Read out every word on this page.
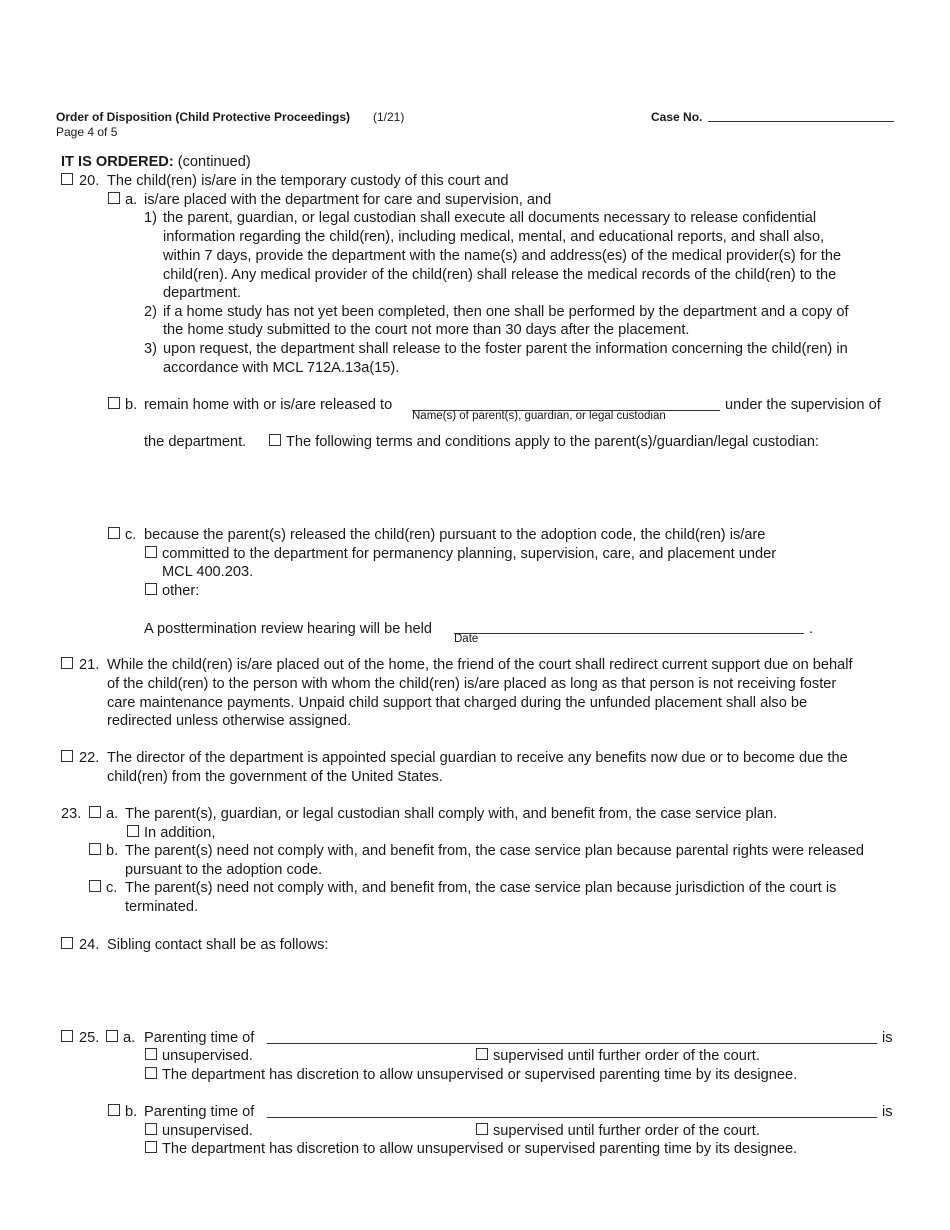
Order of Disposition (Child Protective Proceedings) (1/21)
Page 4 of 5
Case No.
IT IS ORDERED: (continued)
20. The child(ren) is/are in the temporary custody of this court and
a. is/are placed with the department for care and supervision, and
1) the parent, guardian, or legal custodian shall execute all documents necessary to release confidential
information regarding the child(ren), including medical, mental, and educational reports, and shall also,
within 7 days, provide the department with the name(s) and address(es) of the medical provider(s) for the
child(ren). Any medical provider of the child(ren) shall release the medical records of the child(ren) to the
department.
2) if a home study has not yet been completed, then one shall be performed by the department and a copy of
the home study submitted to the court not more than 30 days after the placement.
3) upon request, the department shall release to the foster parent the information concerning the child(ren) in
accordance with MCL 712A.13a(15).
b. remain home with or is/are released to
Name(s) of parent(s), guardian, or legal custodian
under the supervision of
the department.	The following terms and conditions apply to the parent(s)/guardian/legal custodian:
c. because the parent(s) released the child(ren) pursuant to the adoption code, the child(ren) is/are
committed to the department for permanency planning, supervision, care, and placement under
MCL 400.203.
other:
A posttermination review hearing will be held
Date
.
21. While the child(ren) is/are placed out of the home, the friend of the court shall redirect current support due on behalf
of the child(ren) to the person with whom the child(ren) is/are placed as long as that person is not receiving foster
care maintenance payments. Unpaid child support that charged during the unfunded placement shall also be
redirected unless otherwise assigned.
22. The director of the department is appointed special guardian to receive any benefits now due or to become due the
child(ren) from the government of the United States.
23. a. The parent(s), guardian, or legal custodian shall comply with, and benefit from, the case service plan.
In addition,
b. The parent(s) need not comply with, and benefit from, the case service plan because parental rights were released
pursuant to the adoption code.
c. The parent(s) need not comply with, and benefit from, the case service plan because jurisdiction of the court is
terminated.
24. Sibling contact shall be as follows:
25. a. Parenting time of	is
unsupervised.	supervised until further order of the court.
The department has discretion to allow unsupervised or supervised parenting time by its designee.
b. Parenting time of	is
unsupervised.	supervised until further order of the court.
The department has discretion to allow unsupervised or supervised parenting time by its designee.
